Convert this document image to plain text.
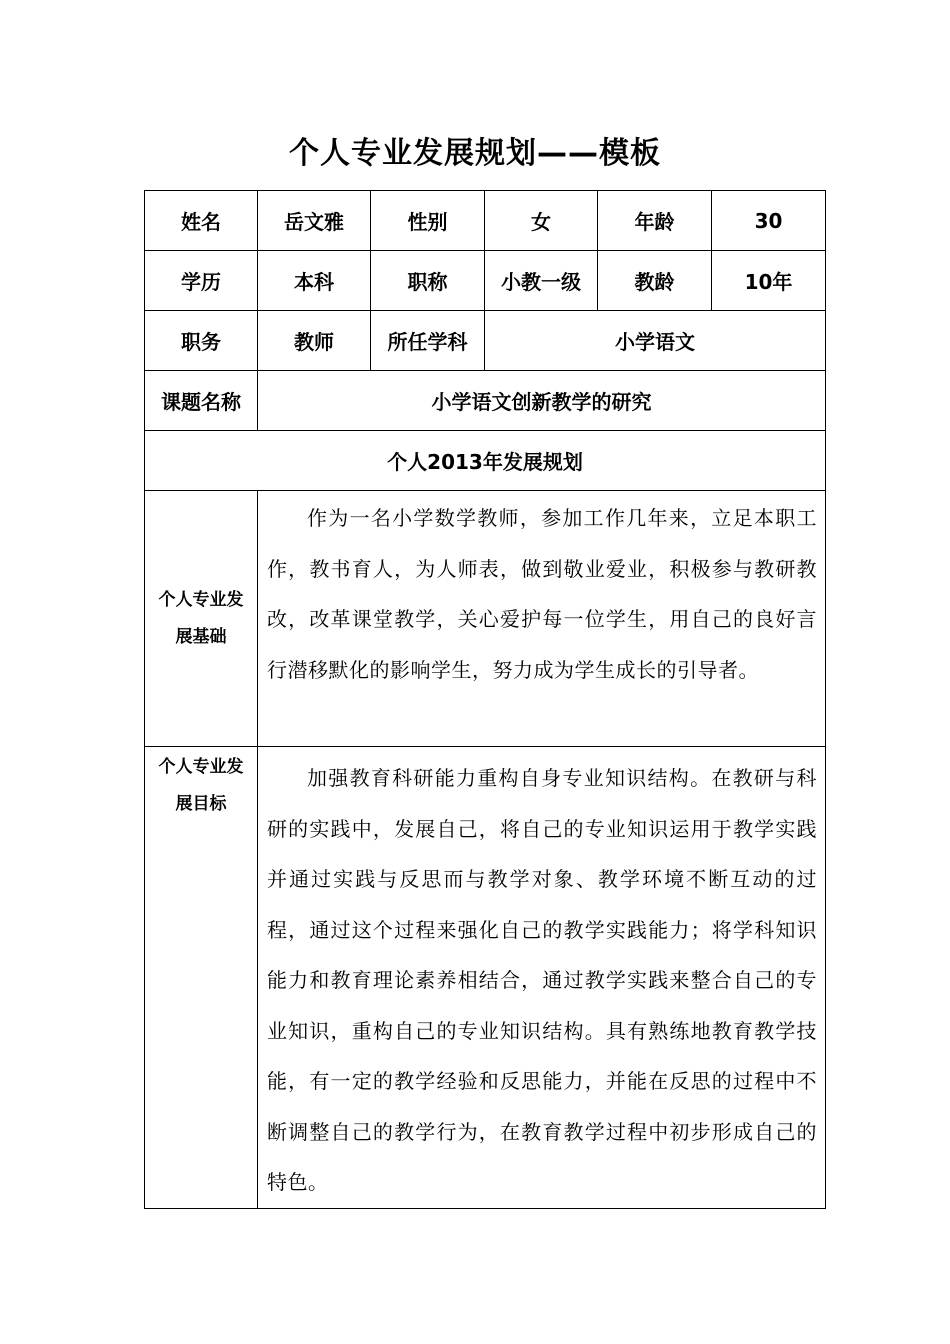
个人专业发展规划——模板
姓名	岳文雅	性别	女	年龄	30
学历	本科	职称	小教一级	教龄	10年
职务	教师	所任学科	小学语文		
课题名称	小学语文创新教学的研究				
个人2013年发展规划					

个人专业发展基础	作为一名小学数学教师，参加工作几年来，立足本职工作，教书育人，为人师表，做到敬业爱业，积极参与教研教改，改革课堂教学，关心爱护每一位学生，用自己的良好言行潜移默化的影响学生，努力成为学生成长的引导者。				

个人专业发展目标	加强教育科研能力重构自身专业知识结构。在教研与科研的实践中，发展自己，将自己的专业知识运用于教学实践并通过实践与反思而与教学对象、教学环境不断互动的过程，通过这个过程来强化自己的教学实践能力；将学科知识能力和教育理论素养相结合，通过教学实践来整合自己的专业知识，重构自己的专业知识结构。具有熟练地教育教学技能，有一定的教学经验和反思能力，并能在反思的过程中不断调整自己的教学行为，在教育教学过程中初步形成自己的特色。				
